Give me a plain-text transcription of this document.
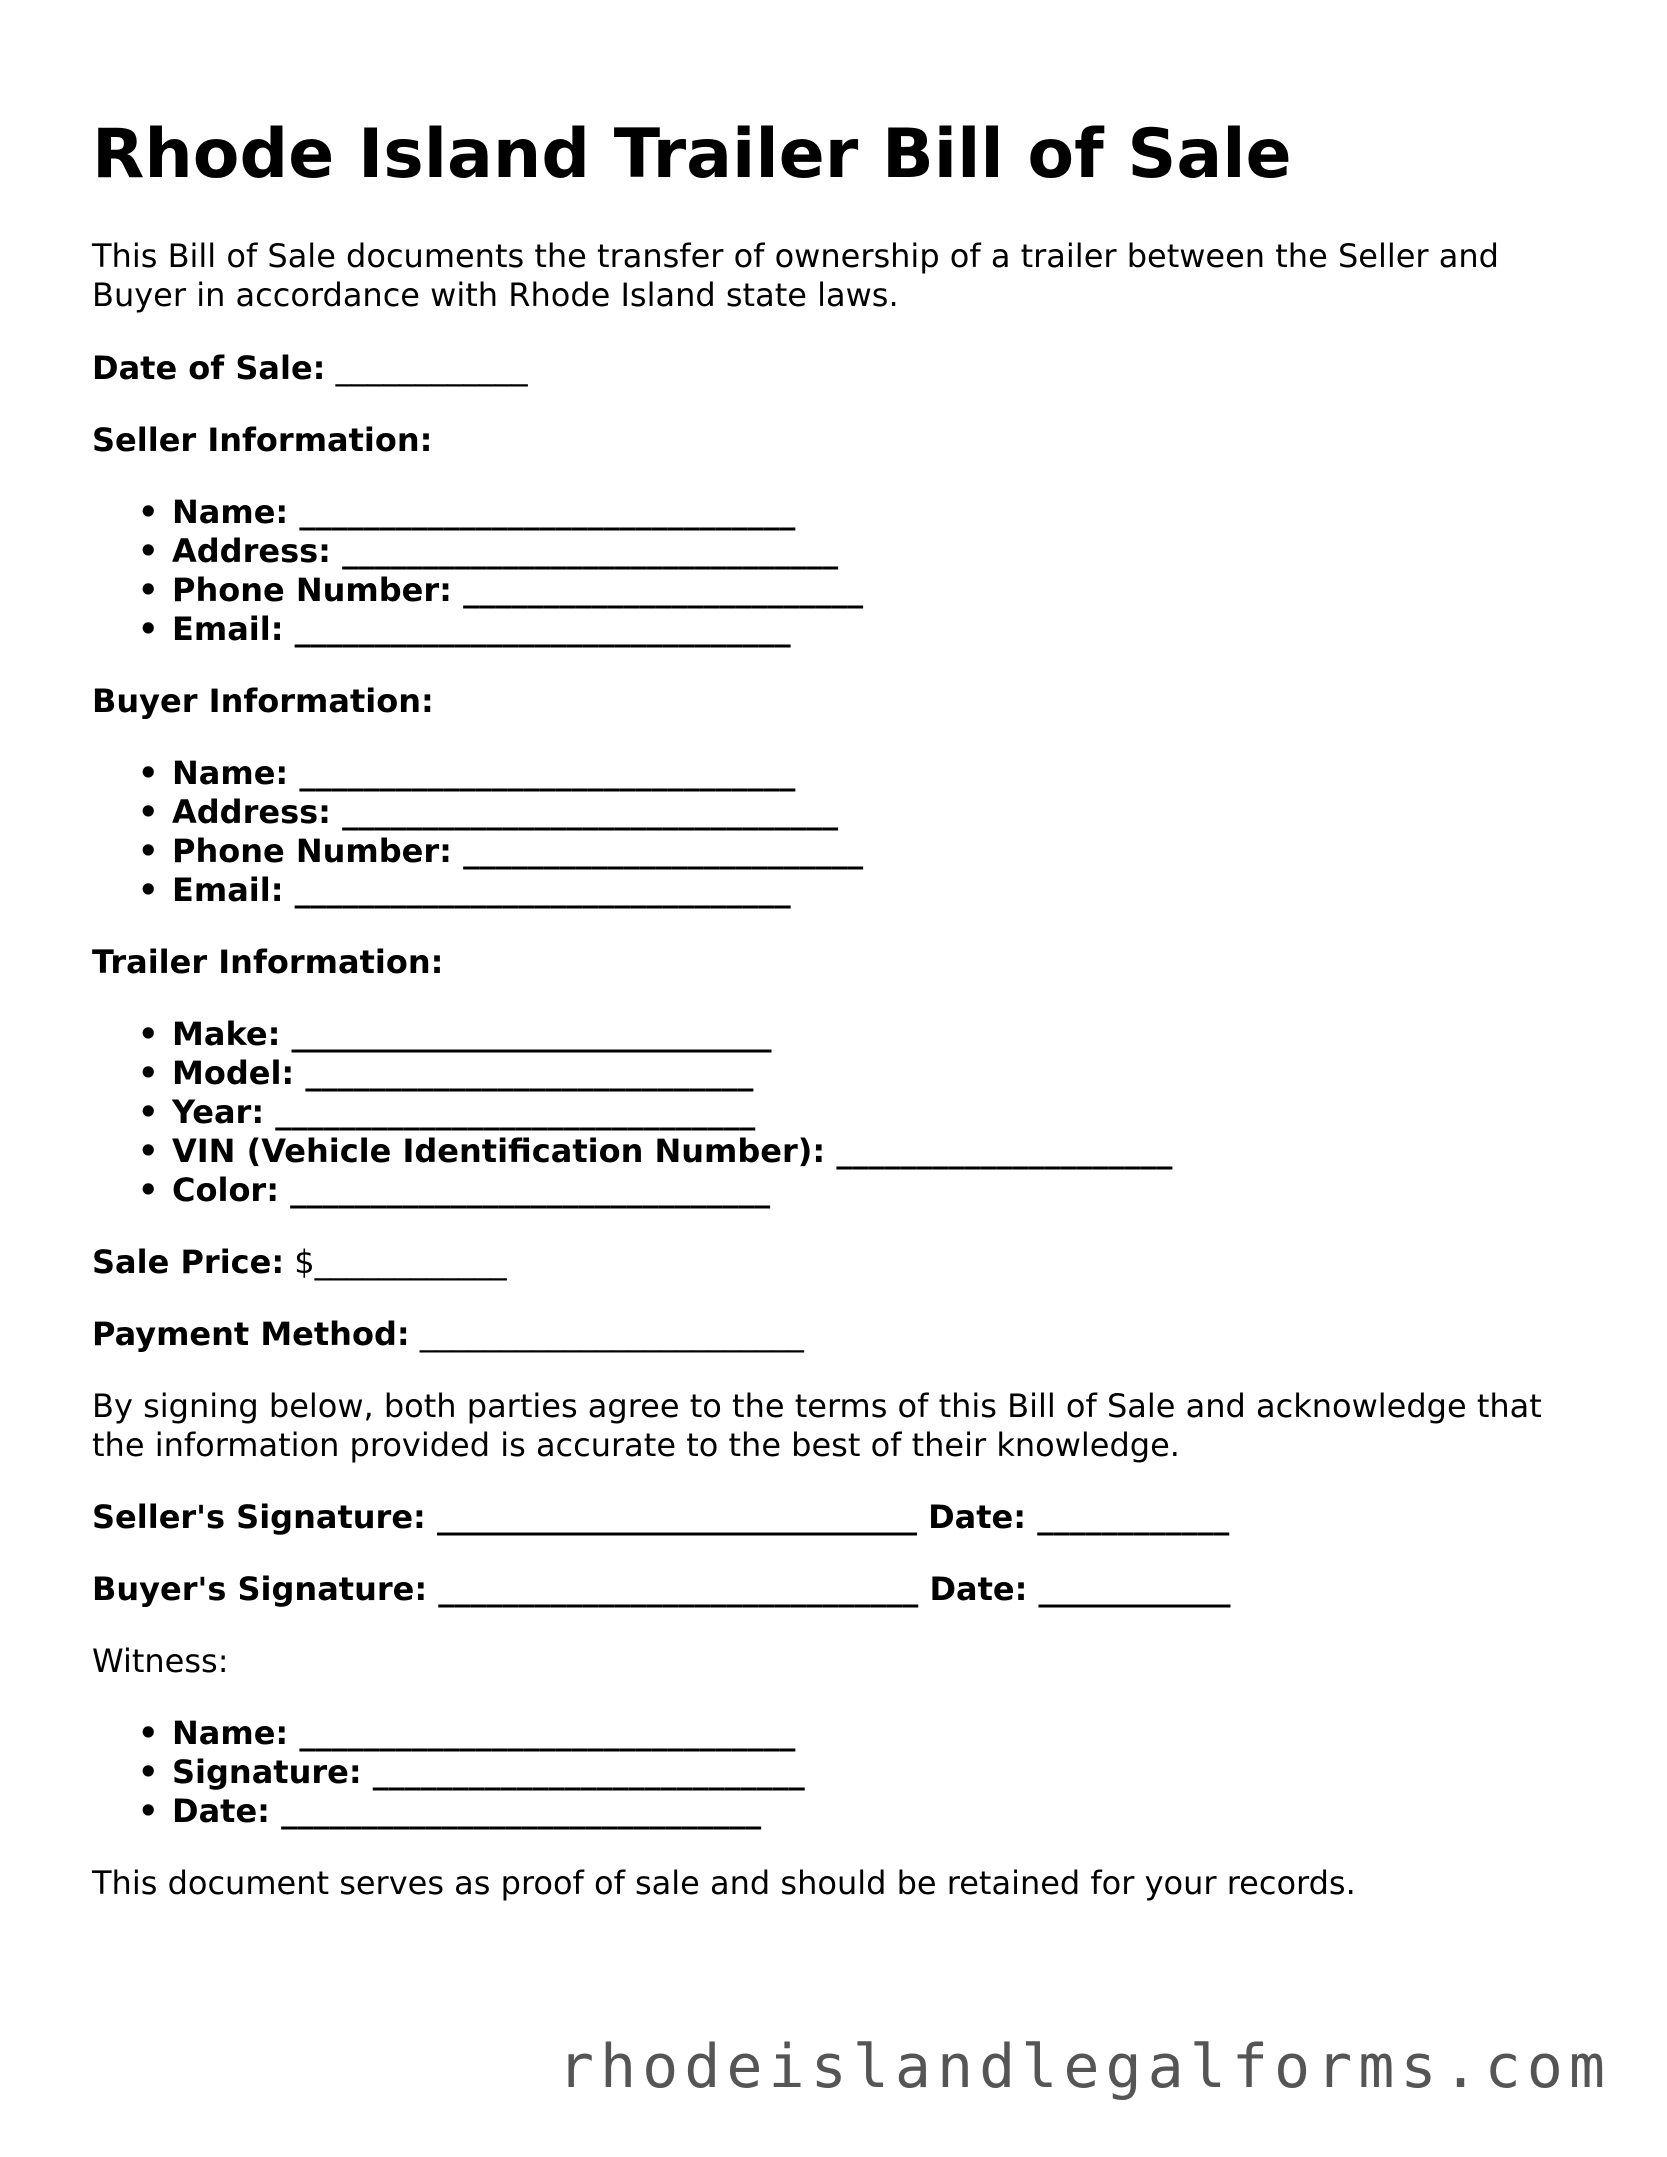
Rhode Island Trailer Bill of Sale

This Bill of Sale documents the transfer of ownership of a trailer between the Seller and Buyer in accordance with Rhode Island state laws.

Date of Sale: ____________

Seller Information:

• Name: _______________________________
• Address: _______________________________
• Phone Number: _________________________
• Email: _______________________________

Buyer Information:

• Name: _______________________________
• Address: _______________________________
• Phone Number: _________________________
• Email: _______________________________

Trailer Information:

• Make: ______________________________
• Model: ____________________________
• Year: ______________________________
• VIN (Vehicle Identification Number): _____________________
• Color: ______________________________

Sale Price: $____________

Payment Method: ________________________

By signing below, both parties agree to the terms of this Bill of Sale and acknowledge that the information provided is accurate to the best of their knowledge.

Seller's Signature: ______________________________ Date: ____________

Buyer's Signature: ______________________________ Date: ____________

Witness:

• Name: _______________________________
• Signature: ___________________________
• Date: ______________________________

This document serves as proof of sale and should be retained for your records.

rhodeislandlegalforms.com
